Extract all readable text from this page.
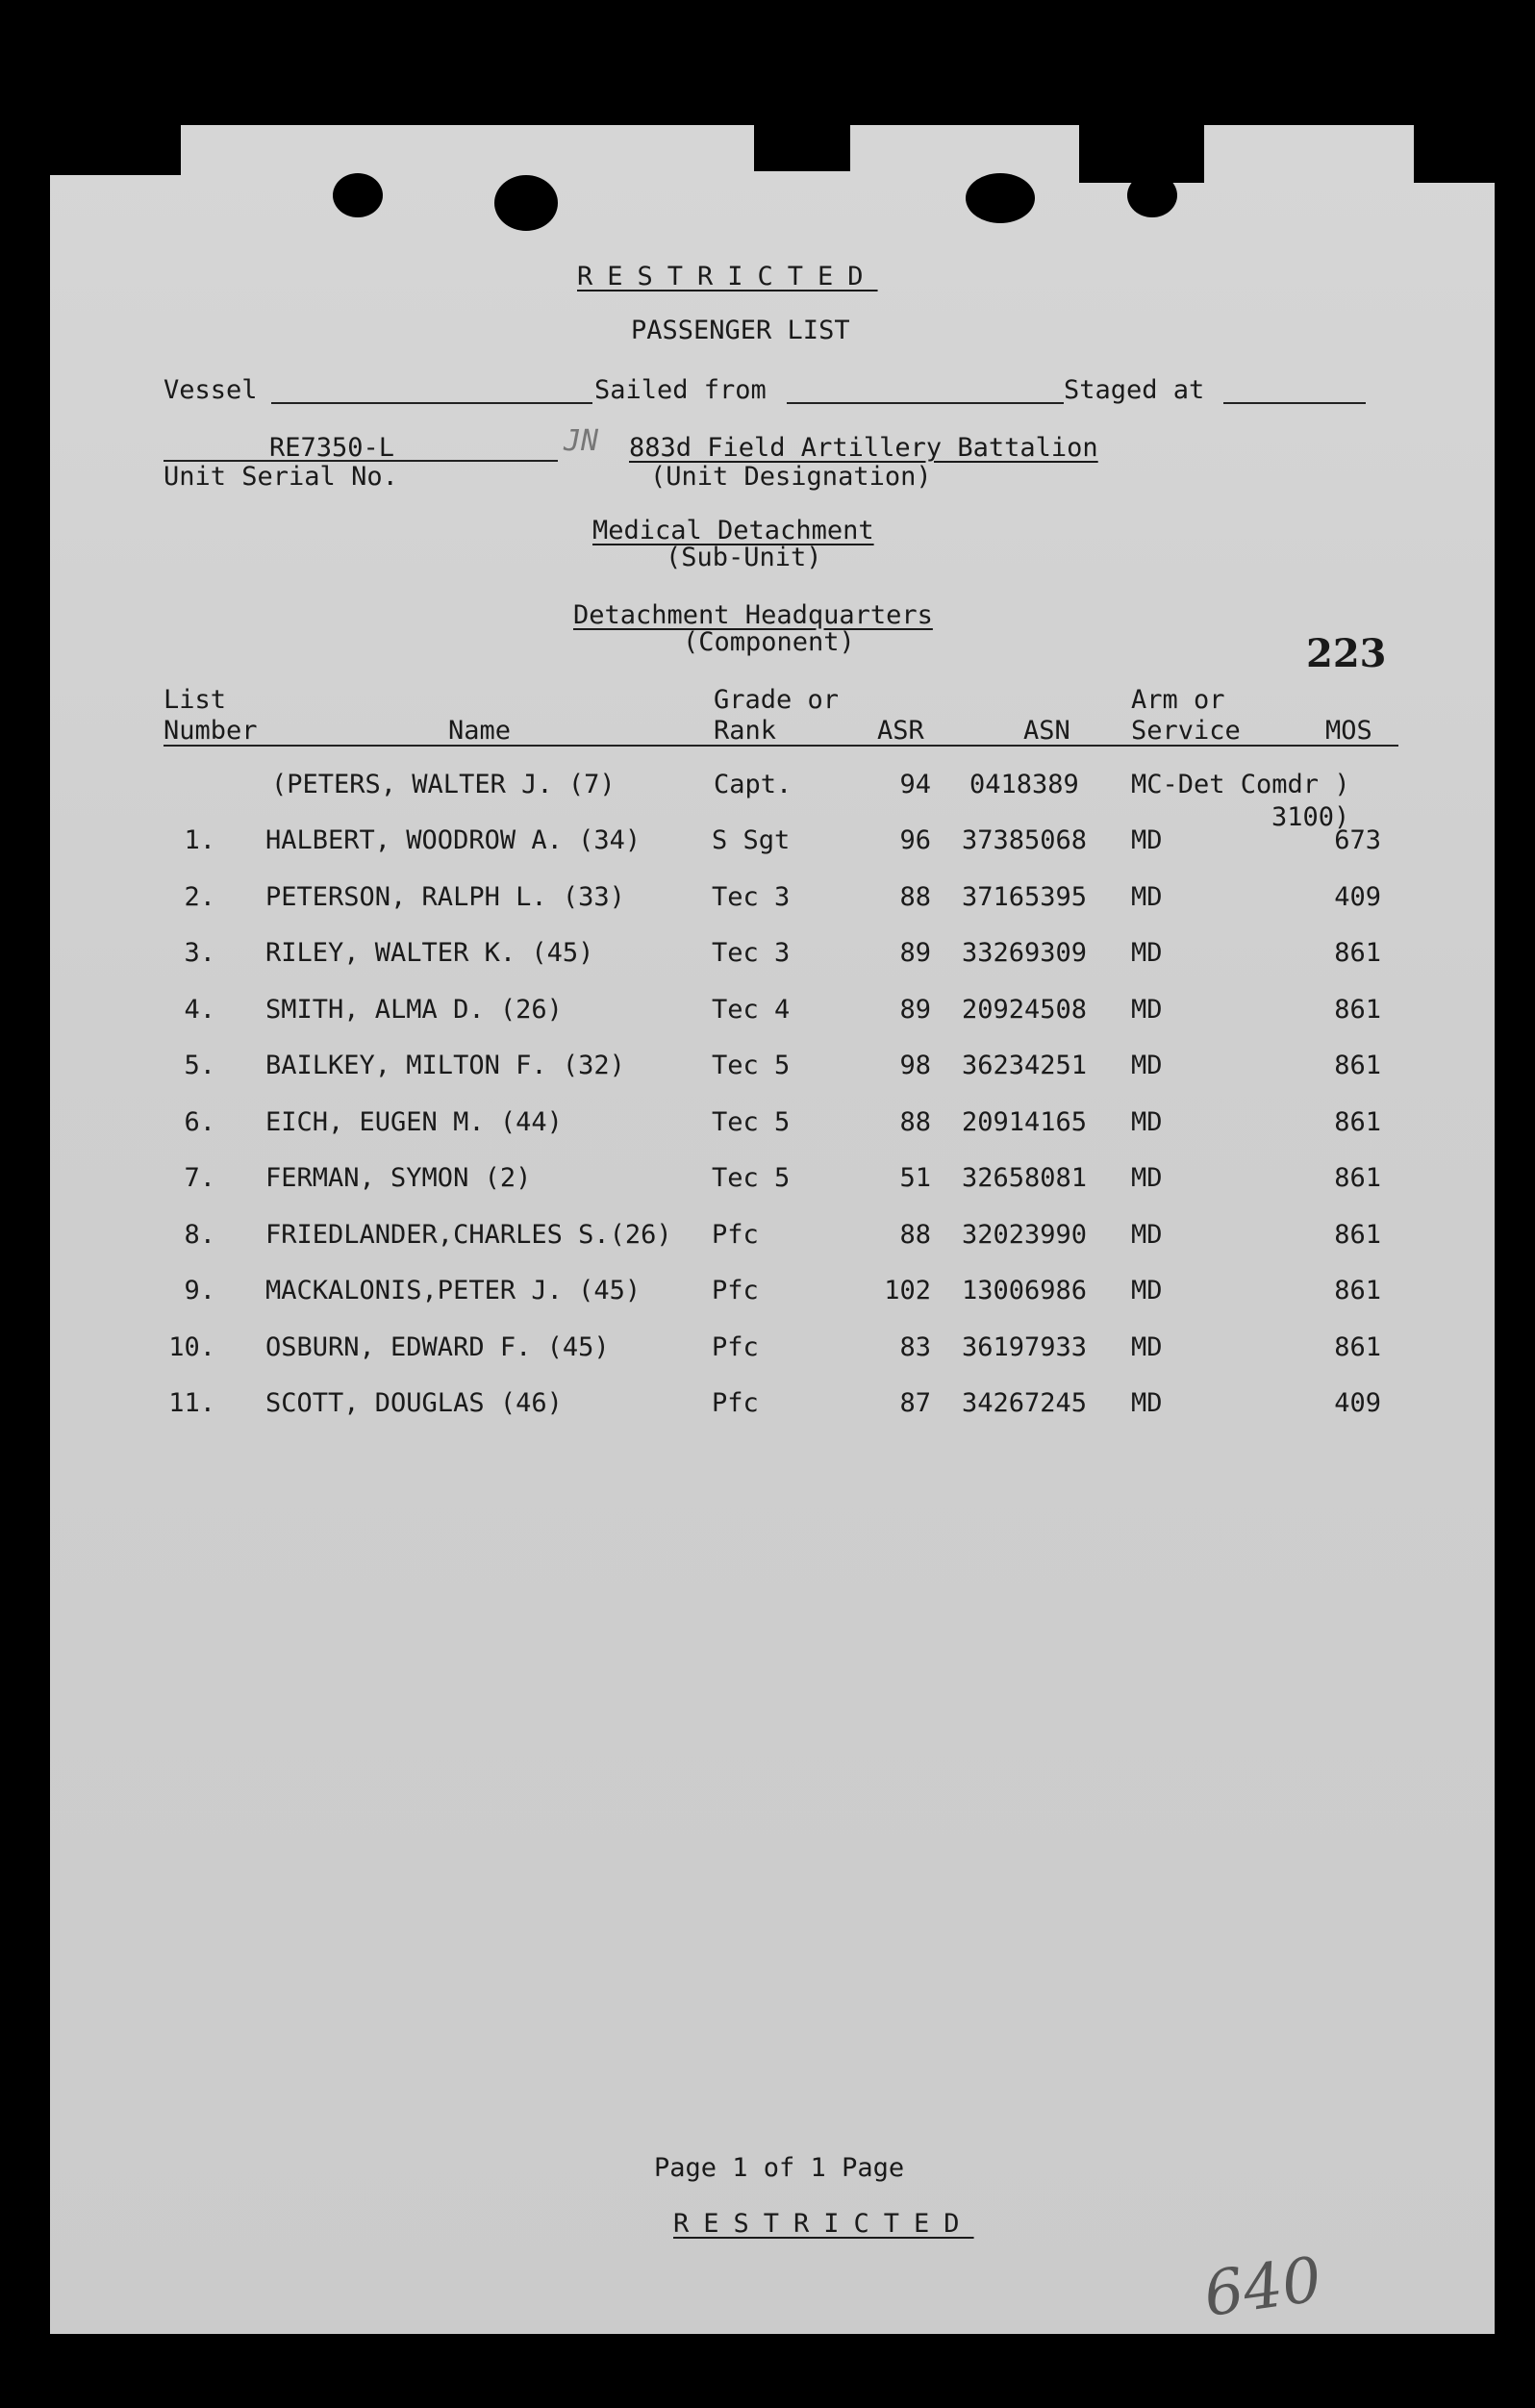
RESTRICTED
PASSENGER LIST
Vessel	Sailed from	Staged at
RE7350-L
Unit Serial No.
JN 883d Field Artillery Battalion
(Unit Designation)
Medical Detachment
(Sub-Unit)
Detachment Headquarters
(Component)	223
List
Number	Name
Grade or
Rank	ASR	ASN
Arm or
Service	MOS
(PETERS, WALTER J. (7)	Capt.	94 0418389 MC-Det Comdr )
3100)
1. HALBERT, WOODROW A. (34)	S Sgt	96 37385068 MD	673
2. PETERSON, RALPH L. (33)	Tec 3	88 37165395 MD	409
3. RILEY, WALTER K. (45)	Tec 3	89 33269309 MD	861
4. SMITH, ALMA D. (26)	Tec 4	89 20924508 MD	861
5. BAILKEY, MILTON F. (32)	Tec 5	98 36234251 MD	861
6. EICH, EUGEN M. (44)	Tec 5	88 20914165 MD	861
7. FERMAN, SYMON (2)	Tec 5	51 32658081 MD	861
8. FRIEDLANDER,CHARLES S.(26) Pfc	88 32023990 MD	861
9. MACKALONIS,PETER J. (45)	Pfc	102 13006986 MD	861
10. OSBURN, EDWARD F. (45)	Pfc	83 36197933 MD	861
11. SCOTT, DOUGLAS (46)	Pfc	87 34267245 MD	409
Page 1 of 1 Page
RESTRICTED
640
